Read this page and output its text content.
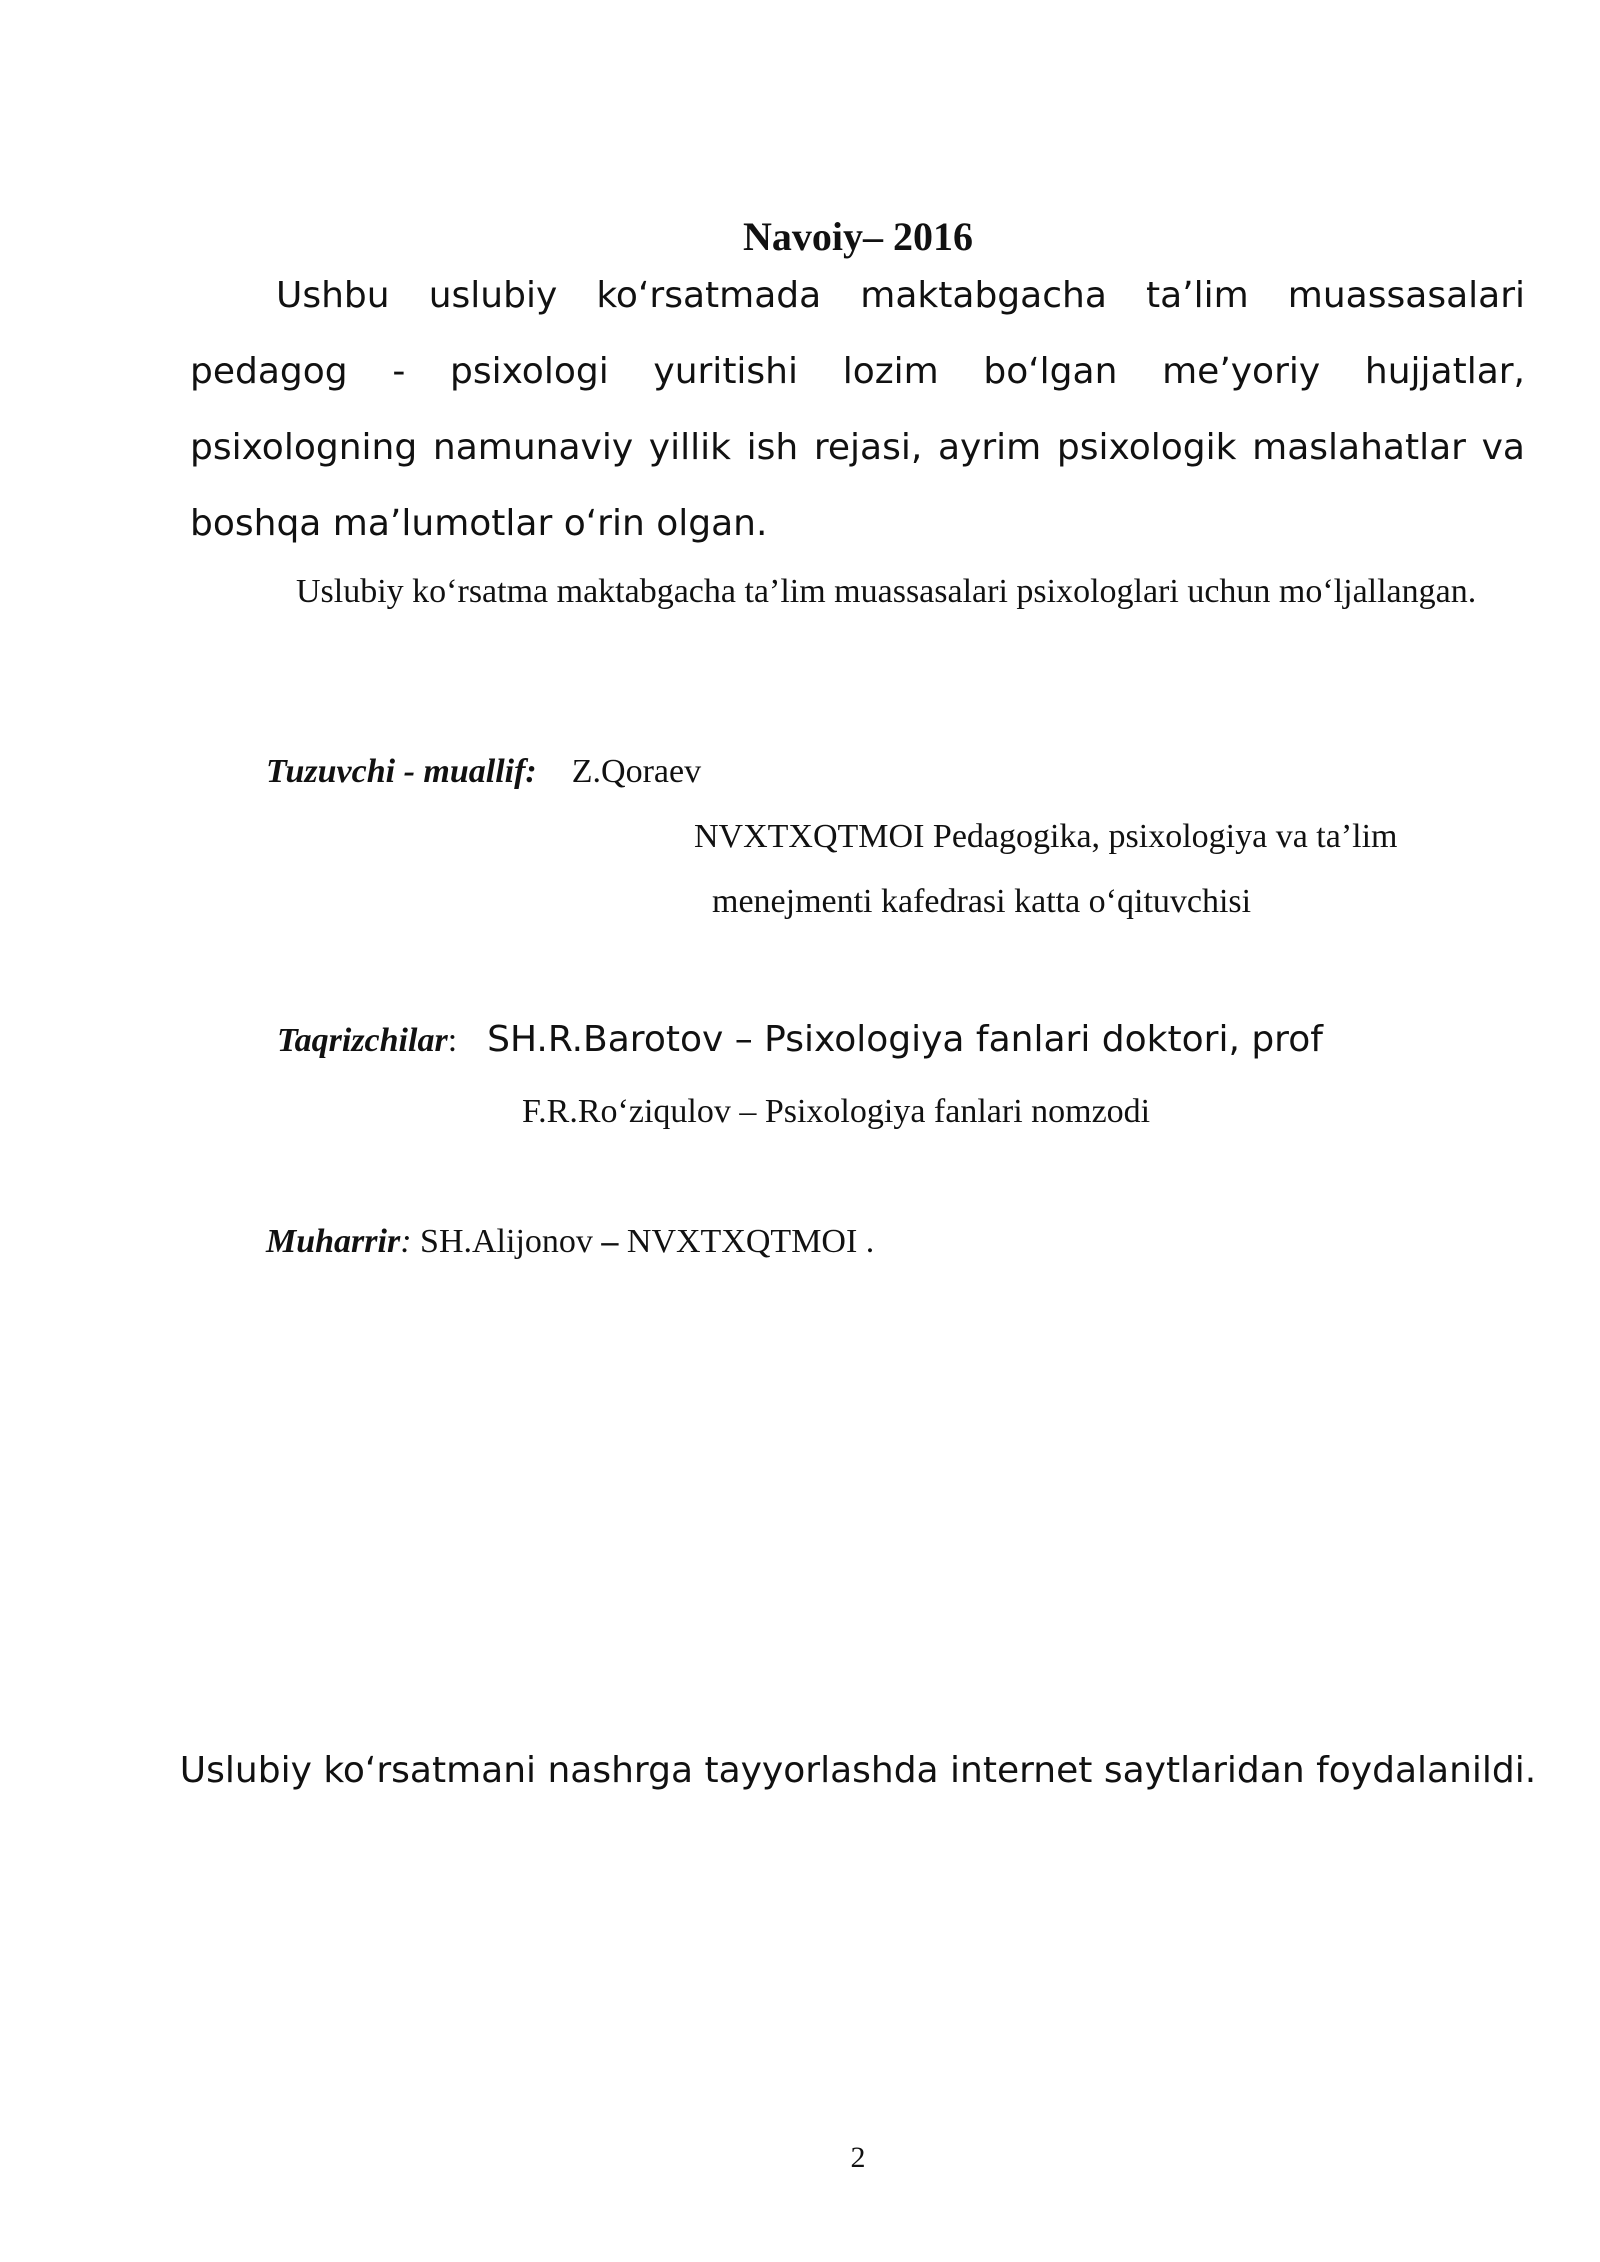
Navoiy– 2016

Ushbu uslubiy koʻrsatmada maktabgacha ta’lim muassasalari pedagog - psixologi yuritishi lozim boʻlgan me’yoriy hujjatlar, psixologning namunaviy yillik ish rejasi, ayrim psixologik maslahatlar va boshqa ma’lumotlar oʻrin olgan.

Uslubiy ko‘rsatma maktabgacha ta’lim muassasalari psixologlari uchun mo‘ljallangan.

Tuzuvchi - muallif: Z.Qoraev
NVXTXQTMOI Pedagogika, psixologiya va ta’lim
menejmenti kafedrasi katta o‘qituvchisi
Taqrizchilar: SH.R.Barotov – Psixologiya fanlari doktori, prof
F.R.Ro‘ziqulov – Psixologiya fanlari nomzodi
Muharrir: SH.Alijonov – NVXTXQTMOI .
Uslubiy koʻrsatmani nashrga tayyorlashda internet saytlaridan foydalanildi.
2
